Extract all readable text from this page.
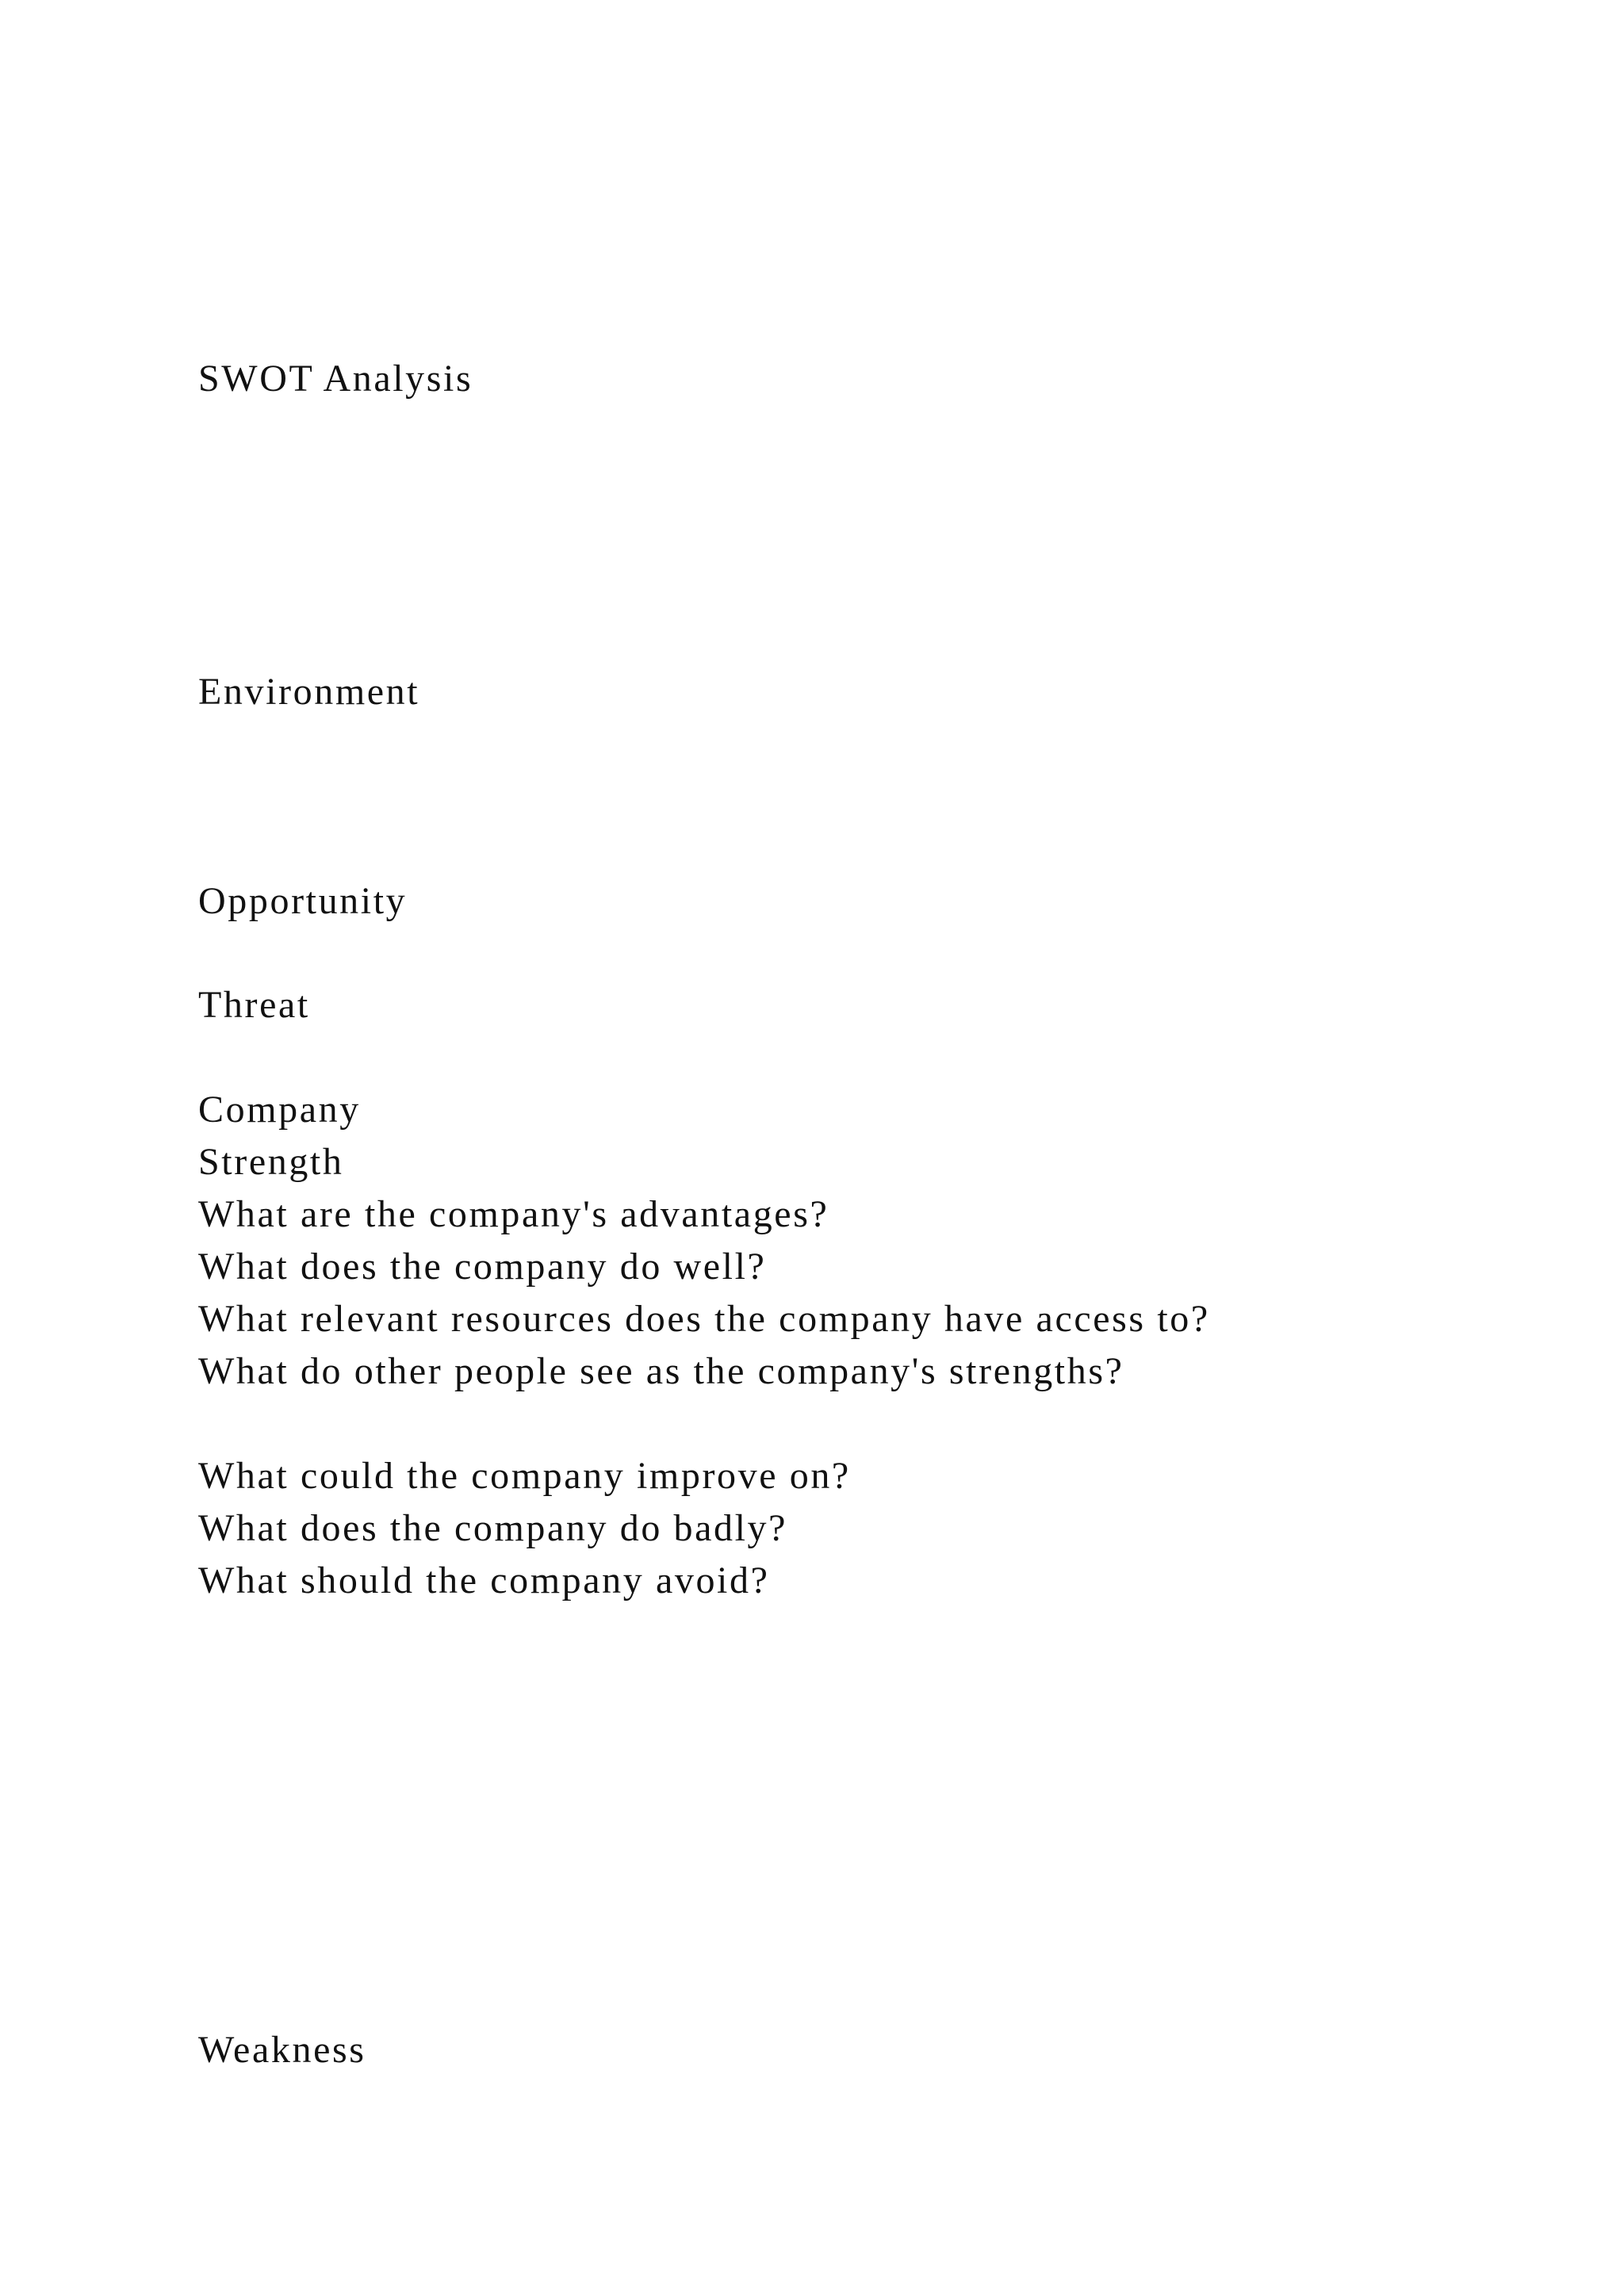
SWOT Analysis

Environment

Opportunity

Threat

Company

Strength

What are the company's advantages?

What does the company do well?

What relevant resources does the company have access to?

What do other people see as the company's strengths?

What could the company improve on?

What does the company do badly?

What should the company avoid?

Weakness
